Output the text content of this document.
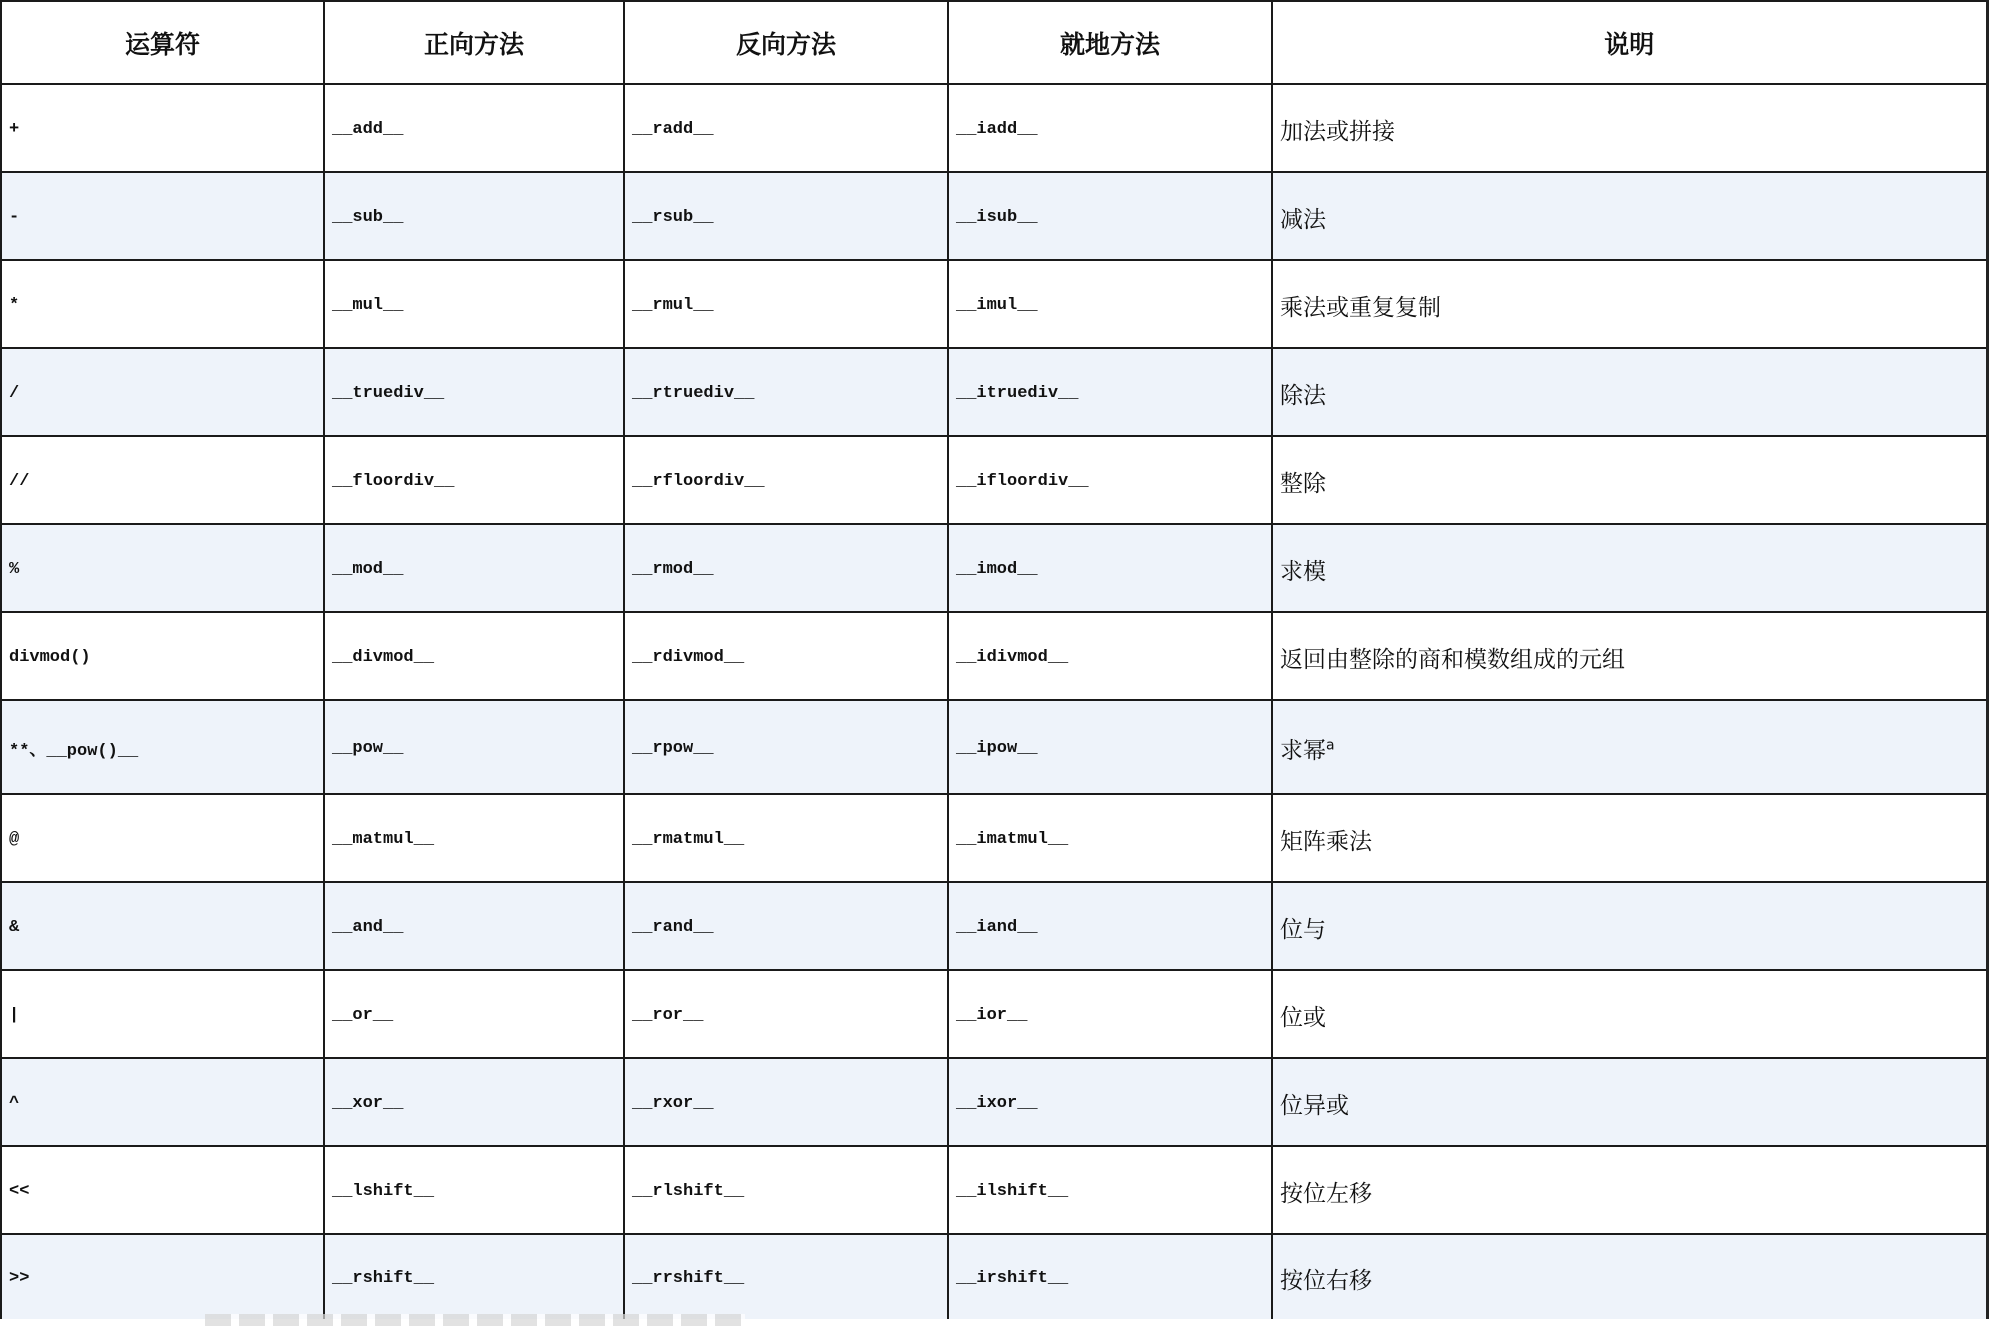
运算符	正向方法	反向方法	就地方法	说明
+	__add__	__radd__	__iadd__	加法或拼接
-	__sub__	__rsub__	__isub__	减法
*	__mul__	__rmul__	__imul__	乘法或重复复制
/	__truediv__	__rtruediv__	__itruediv__	除法
//	__floordiv__	__rfloordiv__	__ifloordiv__	整除
%	__mod__	__rmod__	__imod__	求模
divmod()	__divmod__	__rdivmod__	__idivmod__	返回由整除的商和模数组成的元组
**、__pow()__	__pow__	__rpow__	__ipow__	求幂$^a$
@	__matmul__	__rmatmul__	__imatmul__	矩阵乘法
&	__and__	__rand__	__iand__	位与
|	__or__	__ror__	__ior__	位或
^	__xor__	__rxor__	__ixor__	位异或
<<	__lshift__	__rlshift__	__ilshift__	按位左移
>>	__rshift__	__rrshift__	__irshift__	按位右移
